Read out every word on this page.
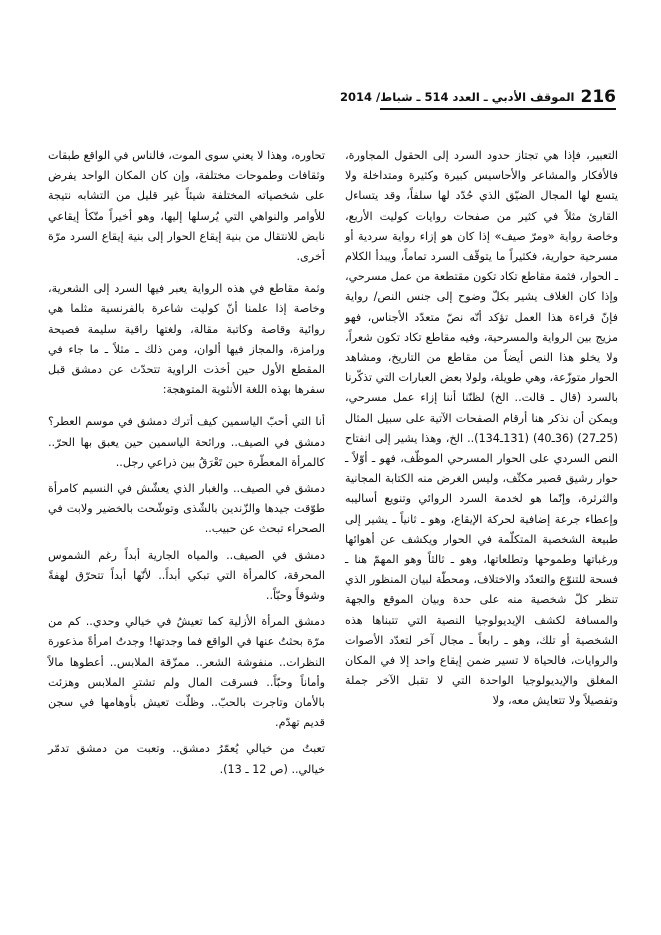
الموقف الأدبي ـ العدد 514 ـ شباط/ 2014 216

التعبير، فإذا هي تجتاز حدود السرد إلى الحقول المجاورة، فالأفكار والمشاعر والأحاسيس كبيرة وكثيرة ومتداخلة ولا يتسع لها المجال الضيّق الذي حُدّد لها سلفاً، وقد يتساءل القارئ مثلاً في كثير من صفحات روايات كوليت الأربع، وخاصة رواية «ومرّ صيف» إذا كان هو إزاء رواية سردية أو مسرحية حوارية، فكثيراً ما يتوقّف السرد تماماً، ويبدأ الكلام ـ الحوار، فثمة مقاطع تكاد تكون مقتطعة من عمل مسرحي، وإذا كان الغلاف يشير بكلّ وضوح إلى جنس النص/ رواية فإنّ قراءة هذا العمل تؤكد أنّه نصّ متعدّد الأجناس، فهو مزيج بين الرواية والمسرحية، وفيه مقاطع تكاد تكون شعراً، ولا يخلو هذا النص أيضاً من مقاطع من التاريخ، ومشاهد الحوار متوزّعة، وهي طويلة، ولولا بعض العبارات التي تذكّرنا بالسرد (قال ـ قالت.. الخ) لظنّنا أننا إزاء عمل مسرحي، ويمكن أن نذكر هنا أرقام الصفحات الآتية على سبيل المثال (25ـ27) (36ـ40) (131ـ134).. الخ، وهذا يشير إلى انفتاح النص السردي على الحوار المسرحي الموظّف، فهو ـ أوّلاً ـ حوار رشيق قصير مكثّف، وليس الغرض منه الكتابة المجانية والثرثرة، وإنّما هو لخدمة السرد الروائي وتنويع أساليبه وإعطاء جرعة إضافية لحركة الإيقاع، وهو ـ ثانياً ـ يشير إلى طبيعة الشخصية المتكلّمة في الحوار ويكشف عن أهوائها ورغباتها وطموحها وتطلعاتها، وهو ـ ثالثاً وهو المهمّ هنا ـ فسحة للتنوّع والتعدّد والاختلاف، ومحطّة لبيان المنظور الذي تنظر كلّ شخصية منه على حدة وبيان الموقع والجهة والمسافة لكشف الإيديولوجيا النصية التي تتبناها هذه الشخصية أو تلك، وهو ـ رابعاً ـ مجال آخر لتعدّد الأصوات والروايات، فالحياة لا تسير ضمن إيقاع واحد إلا في المكان المغلق والإيديولوجيا الواحدة التي لا تقبل الآخر جملة وتفصيلاً ولا تتعايش معه، ولا

تحاوره، وهذا لا يعني سوى الموت، فالناس في الواقع طبقات وثقافات وطموحات مختلفة، وإن كان المكان الواحد يفرض على شخصياته المختلفة شيئاً غير قليل من التشابه نتيجة للأوامر والنواهي التي يُرسلها إليها، وهو أخيراً متّكأ إيقاعي نابض للانتقال من بنية إيقاع الحوار إلى بنية إيقاع السرد مرّة أخرى.

وثمة مقاطع في هذه الرواية يعبر فيها السرد إلى الشعرية، وخاصة إذا علمنا أنّ كوليت شاعرة بالفرنسية مثلما هي روائية وقاصة وكاتبة مقالة، ولغتها راقية سليمة فصيحة ورامزة، والمجاز فيها ألوان، ومن ذلك ـ مثلاً ـ ما جاء في المقطع الأول حين أخذت الراوية تتحدّث عن دمشق قبل سفرها بهذه اللغة الأنثوية المتوهجة:

أنا التي أحبّ الياسمين كيف أترك دمشق في موسم العطر؟ دمشق في الصيف.. ورائحة الياسمين حين يعبق بها الحرّ.. كالمرأة المعطّرة حين تَعْرَقُ بين ذراعي رجل..

دمشق في الصيف.. والغبار الذي يعشّش في النسيم كامرأة طوّقت جيدها والزّندين بالشّذى وتوشّحت بالخضير ولابت في الصحراء تبحث عن حبيب..

دمشق في الصيف.. والمياه الجارية أبداً رغم الشموس المحرقة، كالمرأة التي تبكي أبداً.. لأنّها أبداً تتحرّق لهفةً وشوقاً وحبّاً..

دمشق المرأة الأزلية كما تعيشُ في خيالي وحدي.. كم من مرّة بحثتُ عنها في الواقع فما وجدتها! وجدتُ امرأةً مذعورة النظرات.. منفوشة الشعر.. ممزّقة الملابس.. أعطوها مالاً وأماناً وحبّاً.. فسرقت المال ولم تشترِ الملابس وهزئت بالأمان وتاجرت بالحبّ.. وظلّت تعيش بأوهامها في سجن قديم تهدّم.

تعبتُ من خيالي يُعمّرُ دمشق.. وتعبت من دمشق تدمّر خيالي.. (ص 12 ـ 13).
